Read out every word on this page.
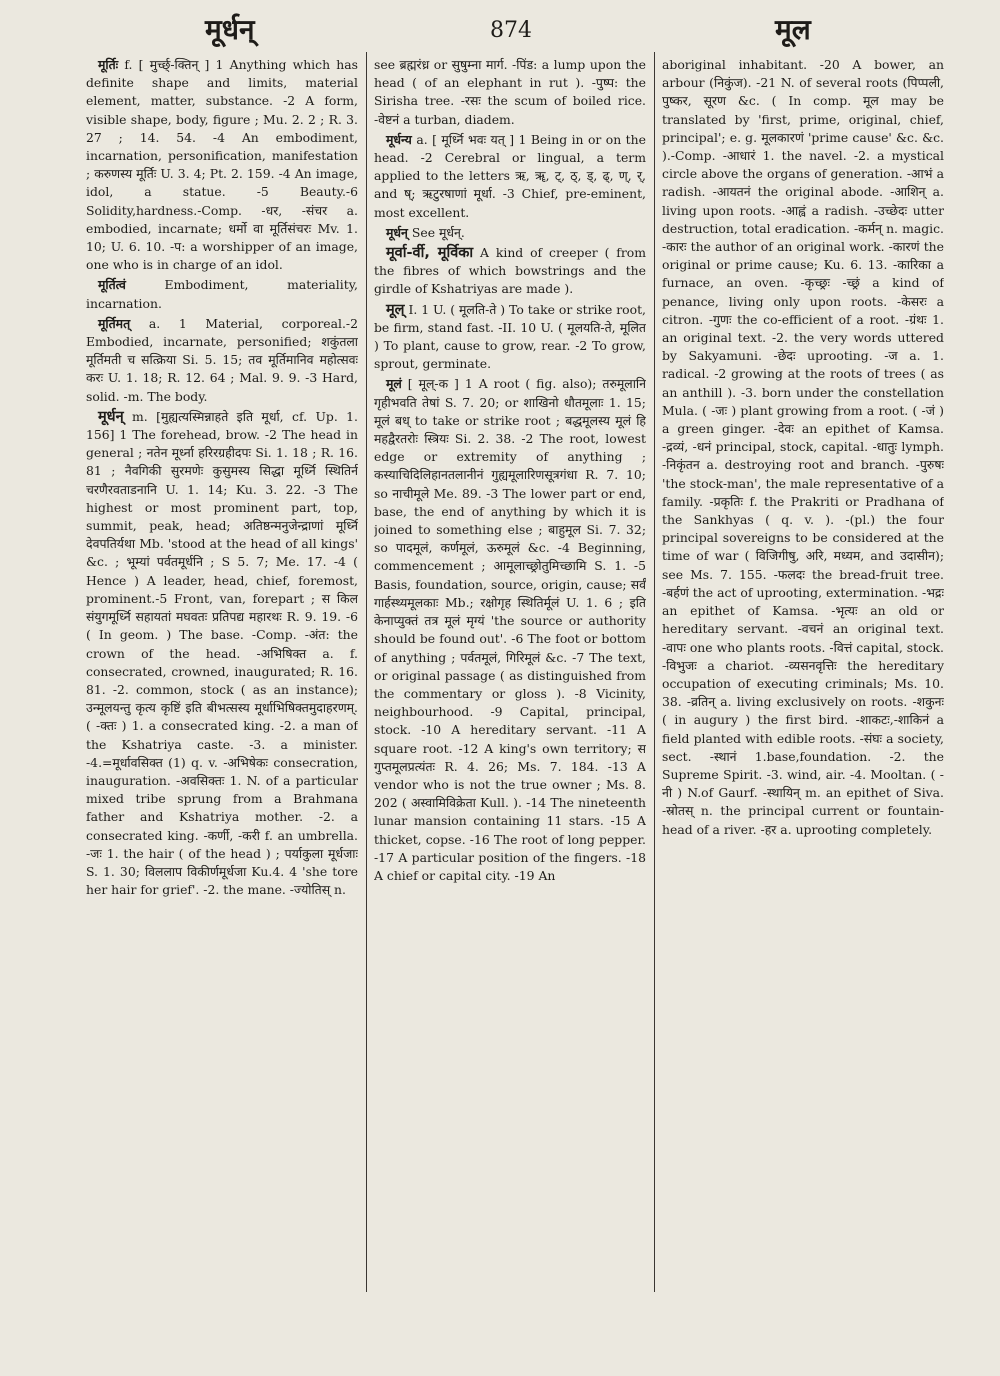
मूर्धन्	874	मूल

मूर्तिः f. [ मुर्च्छ्-क्तिन् ] 1 Anything which has definite shape and limits, material element, matter, substance. -2 A form, visible shape, body, figure ; Mu. 2. 2 ; R. 3. 27 ; 14. 54. -4 An embodiment, incarnation, personification, manifestation ; करुणस्य मूर्तिः U. 3. 4; Pt. 2. 159. -4 An image, idol, a statue. -5 Beauty.-6 Solidity,hardness.-Comp. -धर, -संचर a. embodied, incarnate; धर्मो वा मूर्तिसंचरः Mv. 1. 10; U. 6. 10. -प: a worshipper of an image, one who is in charge of an idol.

मूर्तित्वं	Embodiment, materiality, incarnation.

मूर्तिमत् a. 1 Material, corporeal.-2 Embodied, incarnate, personified; शकुंतला मूर्तिमती च सत्क्रिया Si. 5. 15; तव मूर्तिमानिव महोत्सवः करः U. 1. 18; R. 12. 64 ; Mal. 9. 9. -3 Hard, solid. -m. The body.

मूर्धन् m. [मुह्यत्यस्मिन्नाहते इति मूर्धा, cf. Up. 1. 156] 1 The forehead, brow. -2 The head in general ; नतेन मूर्ध्ना हरिरग्रहीदपः Si. 1. 18 ; R. 16. 81 ; नैवगिकी सुरमणेः कुसुमस्य सिद्धा मूर्ध्नि स्थितिर्न चरणैरवताडनानि U. 1. 14; Ku. 3. 22. -3 The highest or most prominent part, top, summit, peak, head; अतिष्ठन्मनुजेन्द्राणां मूर्ध्नि देवपतिर्यथा Mb. 'stood at the head of all kings' &c. ; भूम्यां पर्वतमूर्धनि ; S 5. 7; Me. 17. -4 ( Hence ) A leader, head, chief, foremost, prominent.-5 Front, van, forepart ; स किल संयुगमूर्ध्नि सहायतां मघवतः प्रतिपद्य महारथः R. 9. 19. -6 ( In geom. ) The base. -Comp. -अंत: the crown of the head. -अभिषिक्त a. f. consecrated, crowned, inaugurated; R. 16. 81. -2. common, stock ( as an instance); उन्मूलयन्तु कृत्य कृष्टिं इति बीभत्सस्य मूर्धाभिषिक्तमुदाहरणम्. ( -क्तः ) 1. a consecrated king. -2. a man of the Kshatriya caste. -3. a minister. -4.=मूर्धावसिक्त (1) q. v. -अभिषेकः consecration, inauguration. -अवसिक्तः 1. N. of a particular mixed tribe sprung from a Brahmana father and Kshatriya mother. -2. a consecrated king. -कर्णी, -करी f. an umbrella. -जः 1. the hair ( of the head ) ; पर्याकुला मूर्धजाः S. 1. 30; विललाप विकीर्णमूर्धजा Ku.4. 4 'she tore her hair for grief'. -2. the mane. -ज्योतिस् n.

see ब्रह्मरंध्र or सुषुम्ना मार्ग. -पिंड: a lump upon the head ( of an elephant in rut ). -पुष्प: the Sirisha tree. -रसः the scum of boiled rice. -वेष्टनं a turban, diadem.

मूर्धन्य a. [ मूर्ध्नि भवः यत् ] 1 Being in or on the head. -2 Cerebral or lingual, a term applied to the letters ऋ, ॠ, ट्, ठ्, ड्, ढ्, ण्, र्, and ष्; ऋटुरषाणां मूर्धा. -3 Chief, pre-eminent, most excellent.

मूर्धन् See मूर्धन्.

मूर्वा-र्वी, मूर्विका A kind of creeper ( from the fibres of which bowstrings and the girdle of Kshatriyas are made ).

मूल् I. 1 U. ( मूलति-ते ) To take or strike root, be firm, stand fast. -II. 10 U. ( मूलयति-ते, मूलित ) To plant, cause to grow, rear. -2 To grow, sprout, germinate.

मूलं [ मूल्-क ] 1 A root ( fig. also); तरुमूलानि गृहीभवति तेषां S. 7. 20; or शाखिनो धौतमूलाः 1. 15; मूलं बध् to take or strike root ; बद्धमूलस्य मूलं हि महद्वैरतरोः स्त्रियः Si. 2. 38. -2 The root, lowest edge or extremity of anything ; कस्याचिदिलिहानतलानीनं गुह्यमूलारिणसूत्रगंधा R. 7. 10; so नाचीमूले Me. 89. -3 The lower part or end, base, the end of anything by which it is joined to something else ; बाहुमूल Si. 7. 32; so पादमूलं, कर्णमूलं, ऊरुमूलं &c. -4 Beginning, commencement ; आमूलाच्छ्रोतुमिच्छामि S. 1. -5 Basis, foundation, source, origin, cause; सर्वं गार्हस्थ्यमूलकाः Mb.; रक्षोगृह स्थितिर्मूलं U. 1. 6 ; इति केनाप्युक्तं तत्र मूलं मृग्यं 'the source or authority should be found out'. -6 The foot or bottom of anything ; पर्वतमूलं, गिरिमूलं &c. -7 The text, or original passage ( as distinguished from the commentary or gloss ). -8 Vicinity, neighbourhood. -9 Capital, principal, stock. -10 A hereditary servant. -11 A square root. -12 A king's own territory; स गुप्तमूलप्रत्यंतः R. 4. 26; Ms. 7. 184. -13 A vendor who is not the true owner ; Ms. 8. 202 ( अस्वामिविक्रेता Kull. ). -14 The nineteenth lunar mansion containing 11 stars. -15 A thicket, copse. -16 The root of long pepper. -17 A particular position of the fingers. -18 A chief or capital city. -19 An

aboriginal inhabitant. -20 A bower, an arbour (निकुंज). -21 N. of several roots (पिप्पली, पुष्कर, सूरण &c. ( In comp. मूल may be translated by 'first, prime, original, chief, principal'; e. g. मूलकारणं 'prime cause' &c. &c. ).-Comp. -आधारं 1. the navel. -2. a mystical circle above the organs of generation. -आभं a radish. -आयतनं the original abode. -आशिन् a. living upon roots. -आह्वं a radish. -उच्छेदः utter destruction, total eradication. -कर्मन् n. magic. -कारः the author of an original work. -कारणं the original or prime cause; Ku. 6. 13. -कारिका a furnace, an oven. -कृच्छ्रः -च्छ्रं a kind of penance, living only upon roots. -केसरः a citron. -गुणः the co-efficient of a root. -ग्रंथः 1. an original text. -2. the very words uttered by Sakyamuni. -छेदः uprooting. -ज a. 1. radical. -2 growing at the roots of trees ( as an anthill ). -3. born under the constellation Mula. ( -जः ) plant growing from a root. ( -जं ) a green ginger. -देवः an epithet of Kamsa. -द्रव्यं, -धनं principal, stock, capital. -धातुः lymph. -निकृंतन a. destroying root and branch. -पुरुषः 'the stock-man', the male representative of a family. -प्रकृतिः f. the Prakriti or Pradhana of the Sankhyas ( q. v. ). -(pl.) the four principal sovereigns to be considered at the time of war ( विजिगीषु, अरि, मध्यम, and उदासीन); see Ms. 7. 155. -फलदः the bread-fruit tree. -बर्हणं the act of uprooting, extermination. -भद्रः an epithet of Kamsa. -भृत्यः an old or hereditary servant. -वचनं an original text. -वापः one who plants roots. -वित्तं capital, stock. -विभुजः a chariot. -व्यसनवृत्तिः the hereditary occupation of executing criminals; Ms. 10. 38. -व्रतिन् a. living exclusively on roots. -शकुनः ( in augury ) the first bird. -शाकटः,-शाकिनं a field planted with edible roots. -संघः a society, sect. -स्थानं 1.base,foundation. -2. the Supreme Spirit. -3. wind, air. -4. Mooltan. ( -नी ) N.of Gaurf. -स्थायिन् m. an epithet of Siva. -स्रोतस् n. the principal current or fountain-head of a river. -हर a. uprooting completely.
